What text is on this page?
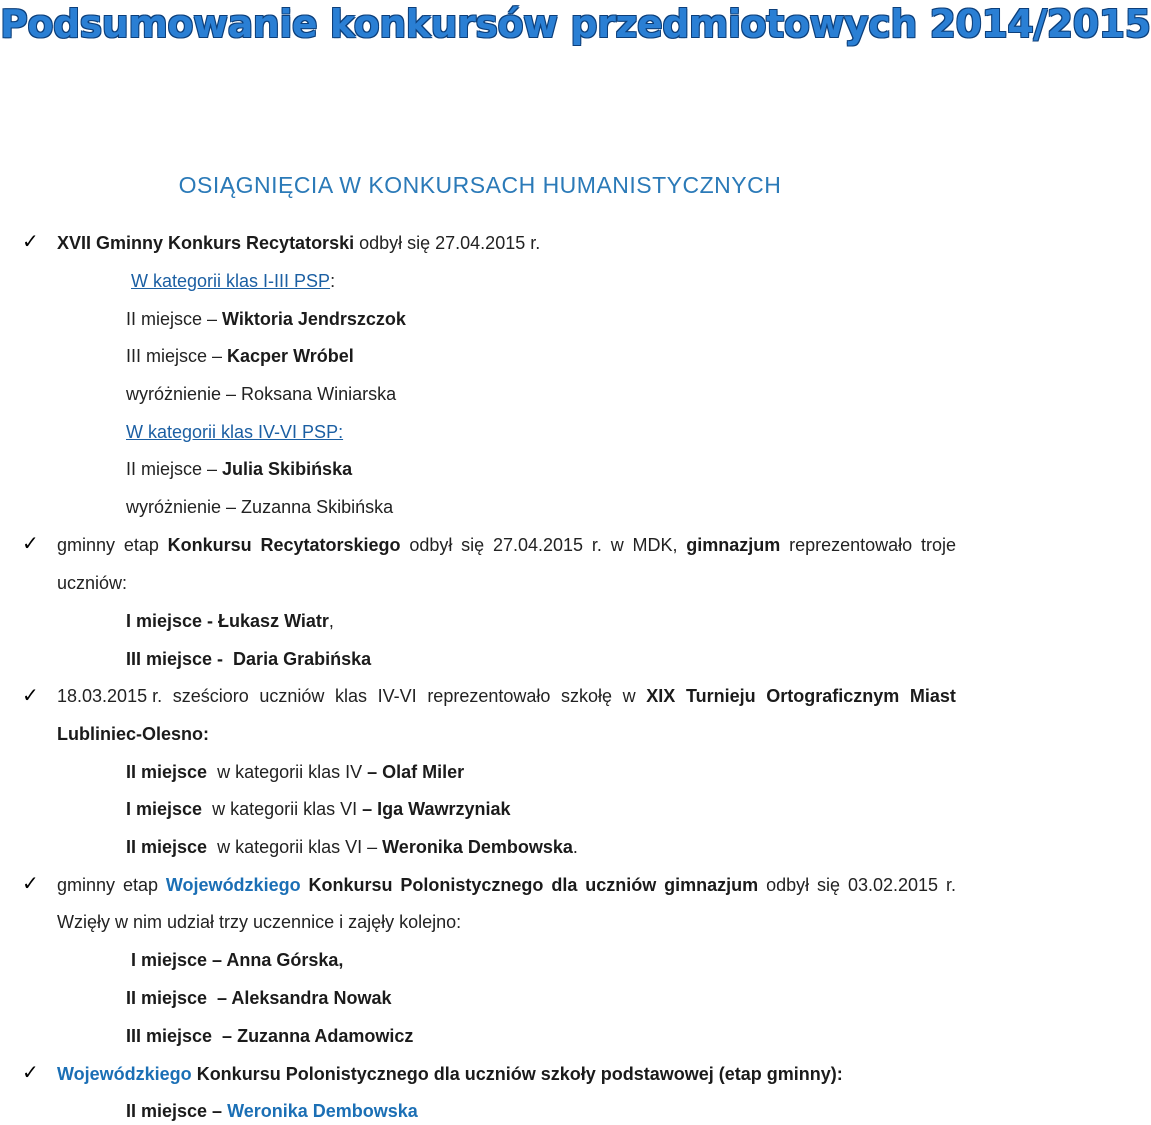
Podsumowanie konkursów przedmiotowych 2014/2015
OSIĄGNIĘCIA W KONKURSACH HUMANISTYCZNYCH
✓ XVII Gminny Konkurs Recytatorski odbył się 27.04.2015 r.
W kategorii klas I-III PSP:
II miejsce – Wiktoria Jendrszczok
III miejsce – Kacper Wróbel
wyróżnienie – Roksana Winiarska
W kategorii klas IV-VI PSP:
II miejsce – Julia Skibińska
wyróżnienie – Zuzanna Skibińska
✓ gminny etap Konkursu Recytatorskiego odbył się 27.04.2015 r. w MDK, gimnazjum reprezentowało troje
uczniów:
I miejsce - Łukasz Wiatr,
III miejsce -  Daria Grabińska
✓ 18.03.2015 r. sześcioro uczniów klas IV-VI reprezentowało szkołę w XIX Turnieju Ortograficznym Miast
Lubliniec-Olesno:
II miejsce  w kategorii klas IV – Olaf Miler
I miejsce  w kategorii klas VI – Iga Wawrzyniak
II miejsce  w kategorii klas VI – Weronika Dembowska.
✓ gminny etap Wojewódzkiego Konkursu Polonistycznego dla uczniów gimnazjum odbył się 03.02.2015 r.
Wzięły w nim udział trzy uczennice i zajęły kolejno:
I miejsce – Anna Górska,
II miejsce  – Aleksandra Nowak
III miejsce  – Zuzanna Adamowicz
✓ Wojewódzkiego Konkursu Polonistycznego dla uczniów szkoły podstawowej (etap gminny):
II miejsce – Weronika Dembowska
